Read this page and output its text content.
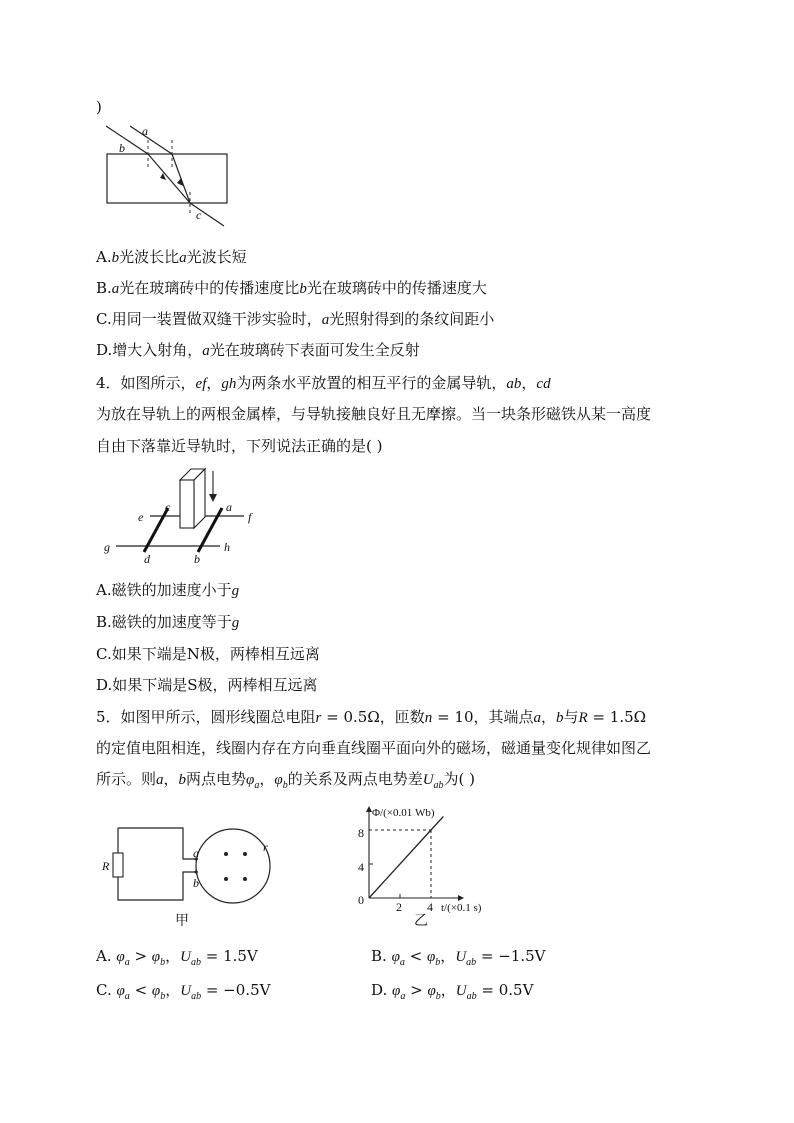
)
a
b
c
A.b光波长比a光波长短
B.a光在玻璃砖中的传播速度比b光在玻璃砖中的传播速度大
C.用同一装置做双缝干涉实验时，a光照射得到的条纹间距小
D.增大入射角，a光在玻璃砖下表面可发生全反射
4．如图所示，ef，gh为两条水平放置的相互平行的金属导轨，ab，cd
为放在导轨上的两根金属棒，与导轨接触良好且无摩擦。当一块条形磁铁从某一高度
自由下落靠近导轨时，下列说法正确的是( )
c	a
e	f
g	h
d	b
A.磁铁的加速度小于g
B.磁铁的加速度等于g
C.如果下端是N极，两棒相互远离
D.如果下端是S极，两棒相互远离
5．如图甲所示，圆形线圈总电阻r = 0.5Ω，匝数n = 10，其端点a，b与R = 1.5Ω
的定值电阻相连，线圈内存在方向垂直线圈平面向外的磁场，磁通量变化规律如图乙
所示。则a，b两点电势$\varphi_a$，$\varphi_b$的关系及两点电势差$U_{ab}$为( )
R
a
b
r
甲
Φ/(×0.01 Wb)
t/(×0.1 s)
8
4
0	2 4
乙
A. $\varphi_a > \varphi_b$，$U_{ab} = 1.5V$	B. $\varphi_a < \varphi_b$，$U_{ab} = -1.5V$
C. $\varphi_a < \varphi_b$，$U_{ab} = -0.5V$	D. $\varphi_a > \varphi_b$，$U_{ab} = 0.5V$
